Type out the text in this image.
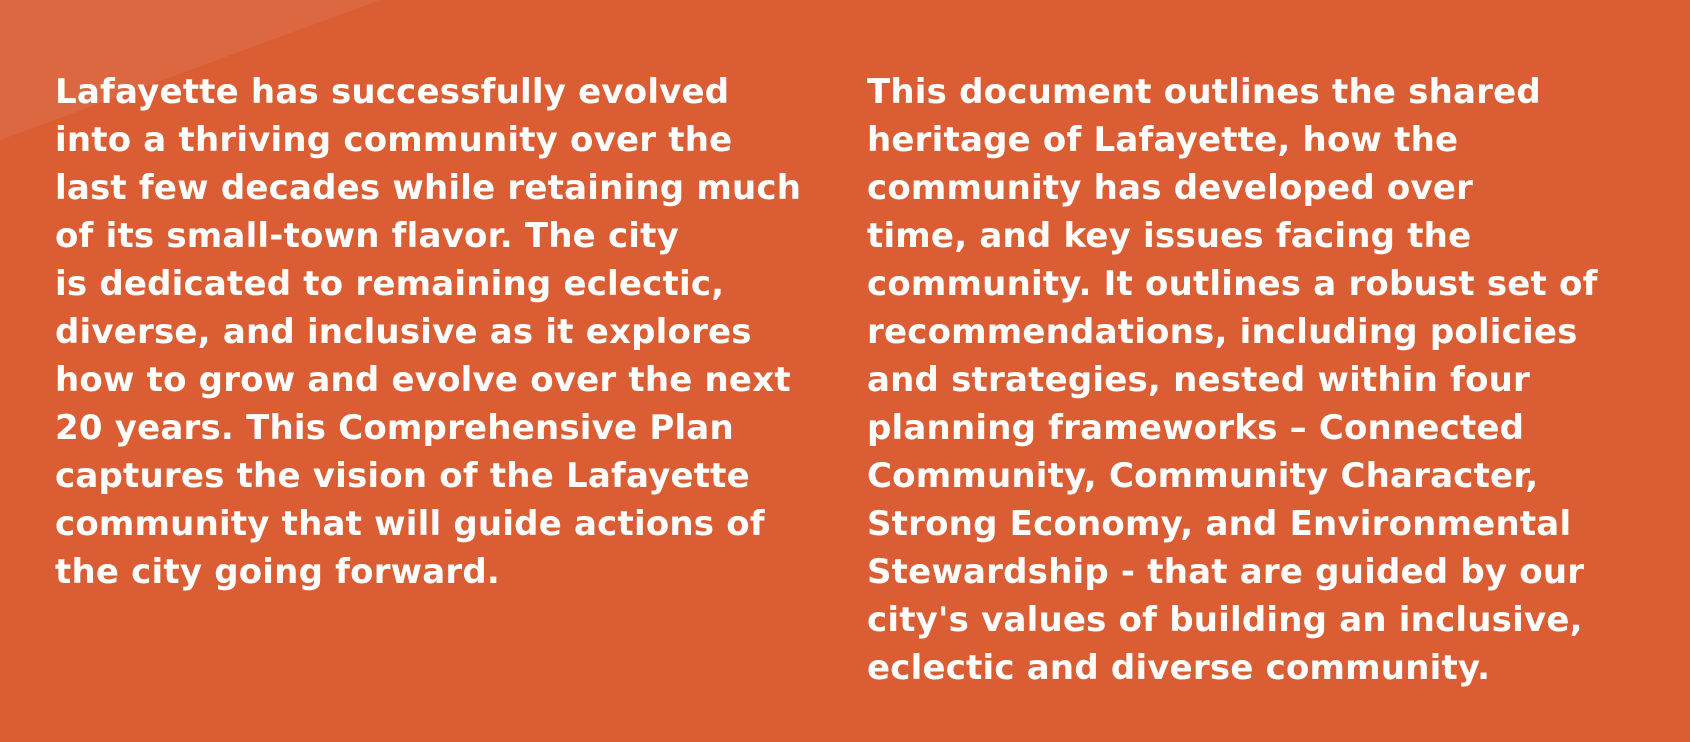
Lafayette has successfully evolved
into a thriving community over the
last few decades while retaining much
of its small-town flavor. The city
is dedicated to remaining eclectic,
diverse, and inclusive as it explores
how to grow and evolve over the next
20 years. This Comprehensive Plan
captures the vision of the Lafayette
community that will guide actions of
the city going forward.
This document outlines the shared
heritage of Lafayette, how the
community has developed over
time, and key issues facing the
community. It outlines a robust set of
recommendations, including policies
and strategies, nested within four
planning frameworks – Connected
Community, Community Character,
Strong Economy, and Environmental
Stewardship - that are guided by our
city's values of building an inclusive,
eclectic and diverse community.
